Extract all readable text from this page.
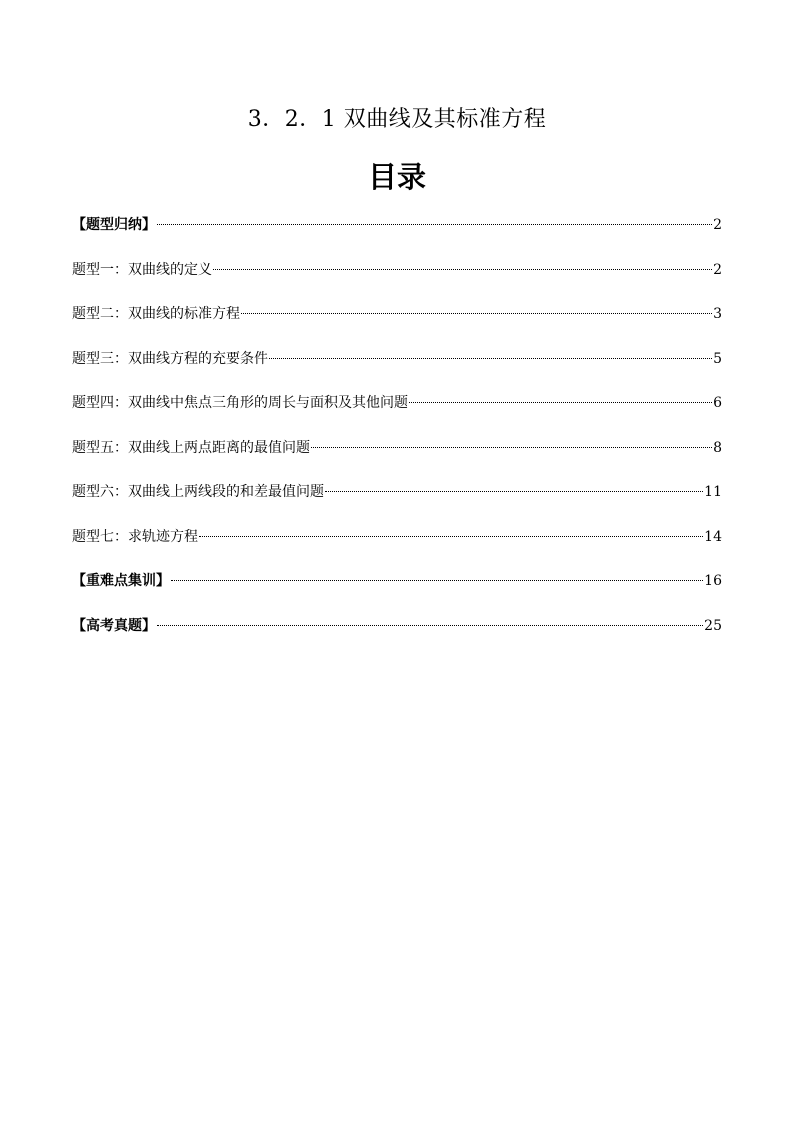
3．2．1 双曲线及其标准方程
目录
【题型归纳】	2
题型一：双曲线的定义	2
题型二：双曲线的标准方程	3
题型三：双曲线方程的充要条件	5
题型四：双曲线中焦点三角形的周长与面积及其他问题	6
题型五：双曲线上两点距离的最值问题	8
题型六：双曲线上两线段的和差最值问题	11
题型七：求轨迹方程	14
【重难点集训】	16
【高考真题】	25
